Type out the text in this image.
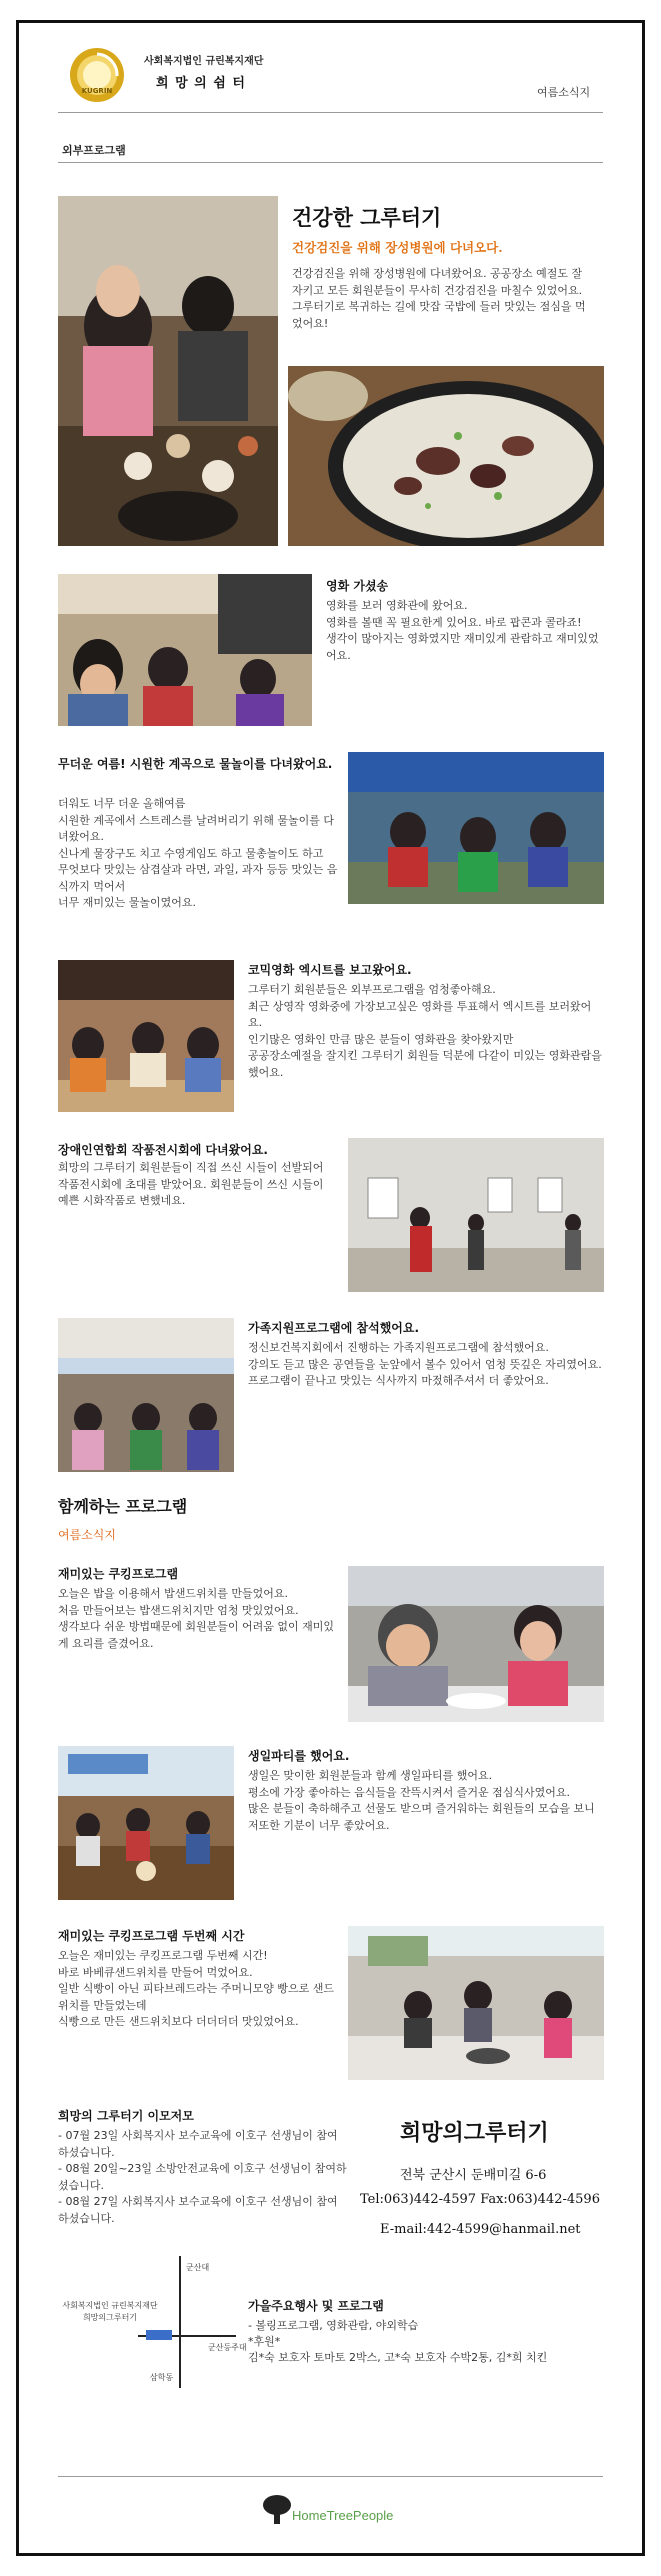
KUGRIN
사회복지법인 규린복지재단
희 망 의 쉼 터
여름소식지
외부프로그램
건강한 그루터기
건강검진을 위해 장성병원에 다녀오다.
건강검진을 위해 장성병원에 다녀왔어요. 공공장소 예절도 잘자키고 모든 회원분들이 무사히 건강검진을 마칠수 있었어요. 그루터기로 복귀하는 길에 맛잡 국밥에 들러 맛있는 점심을 먹었어요!
영화 가셨송
영화를 보러 영화관에 왔어요.
영화를 볼땐 꼭 필요한게 있어요. 바로 팝콘과 콜라죠!
생각이 많아지는 영화였지만 재미있게 관람하고 재미있었어요.
무더운 여름! 시원한 계곡으로 물놀이를 다녀왔어요.
더워도 너무 더운 올해여름
시원한 계곡에서 스트레스를 날려버리기 위해 물놀이를 다녀왔어요.
신나게 물장구도 치고 수영게임도 하고 물총놀이도 하고
무엇보다 맛있는 삼겹살과 라면, 과일, 과자 등등 맛있는 음식까지 먹어서
너무 재미있는 물놀이였어요.
코믹영화 엑시트를 보고왔어요.
그루터기 회원분들은 외부프로그램을 엄청좋아해요.
최근 상영작 영화중에 가장보고싶은 영화를 투표해서 엑시트를 보러왔어요.
인기많은 영화인 만큼 많은 분들이 영화관을 찾아왔지만
공공장소예절을 잘지킨 그루터기 회원들 덕분에 다같이 미있는 영화관람을 했어요.
장애인연합회 작품전시회에 다녀왔어요.
희망의 그루터기 회원분들이 직접 쓰신 시들이 선발되어
작품전시회에 초대를 받았어요. 회원분들이 쓰신 시들이 예쁜 시화작품로 변했네요.
가족지원프로그램에 참석했어요.
정신보건복지회에서 진행하는 가족지원프로그램에 참석했어요.
강의도 듣고 많은 공연들을 눈앞에서 볼수 있어서 엄청 뜻깊은 자리였어요.
프로그램이 끝나고 맛있는 식사까지 마젔해주셔서 더 좋았어요.
함께하는 프로그램
여름소식지
재미있는 쿠킹프로그램
오늘은 밥을 이용해서 밥샌드위치를 만들었어요.
처음 만들어보는 밥샌드위치지만 엄청 맛있었어요.
생각보다 쉬운 방법때문에 회원분들이 어려움 없이 재미있게 요리를 즐겼어요.
생일파티를 했어요.
생일은 맞이한 회원분들과 함께 생일파티를 했어요.
평소에 가장 좋아하는 음식들을 잔뜩시켜서 즐거운 점심식사였어요.
많은 분들이 축하해주고 선물도 받으며 즐거워하는 회원들의 모습을 보니
저또한 기분이 너무 좋았어요.
재미있는 쿠킹프로그램 두번째 시간
오늘은 재미있는 쿠킹프로그램 두번째 시간!
바로 바베큐샌드위치를 만들어 먹었어요.
일반 식빵이 아닌 피타브레드라는 주머니모양 빵으로 샌드위치를 만들었는데
식빵으로 만든 샌드위치보다 더더더더 맛있었어요.
희망의 그루터기 이모저모
- 07월 23일 사회복지사 보수교육에 이호구 선생님이 참여하셨습니다.
- 08월 20일~23일 소방안전교육에 이호구 선생님이 참여하셨습니다.
- 08월 27일 사회복지사 보수교육에 이호구 선생님이 참여하셨습니다.
희망의그루터기
전북 군산시 둔배미길 6-6
Tel:063)442-4597 Fax:063)442-4596
E-mail:442-4599@hanmail.net
사회복지법인 규린복지재단
희망의그루터기
군산대
군산등주대
삼학동
가을주요행사 및 프로그램
- 볼링프로그램, 영화관람, 야외학습
*후원*
김*숙 보호자 토마토 2박스, 고*숙 보호자 수박2통, 김*희 치킨
HomeTreePeople
